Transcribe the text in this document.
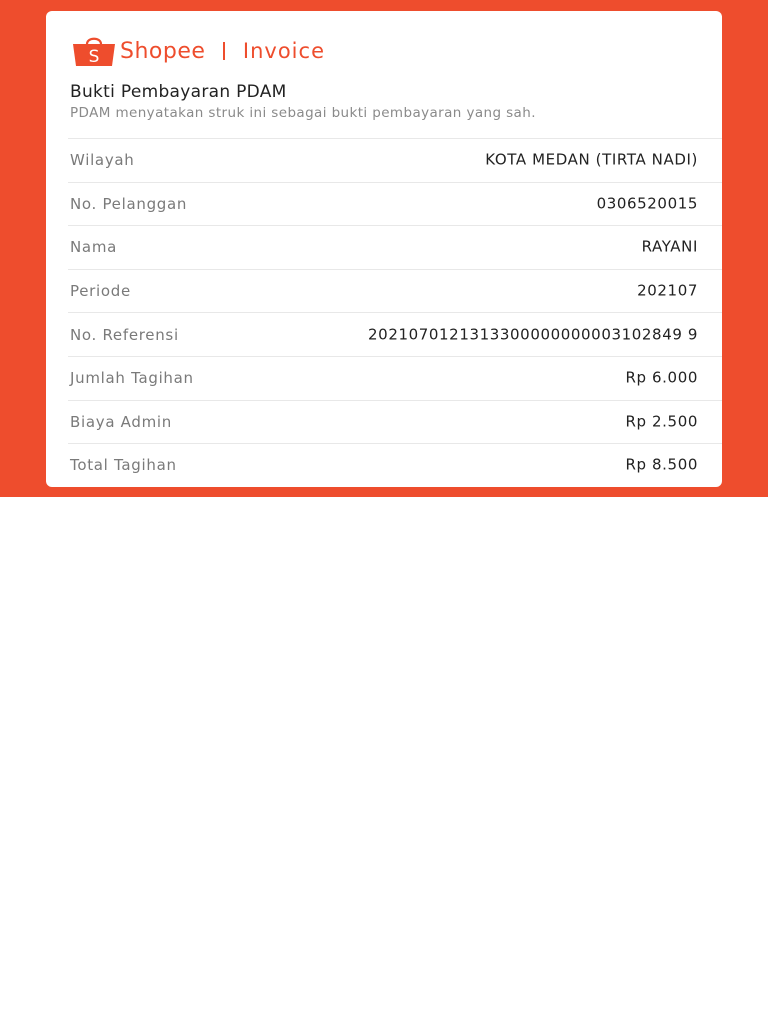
S Shopee Invoice
Bukti Pembayaran PDAM
PDAM menyatakan struk ini sebagai bukti pembayaran yang sah.
Wilayah	KOTA MEDAN (TIRTA NADI)
No. Pelanggan	0306520015
Nama	RAYANI
Periode	202107
No. Referensi	2021070121313300000000003102849 9
Jumlah Tagihan	Rp 6.000
Biaya Admin	Rp 2.500
Total Tagihan	Rp 8.500
